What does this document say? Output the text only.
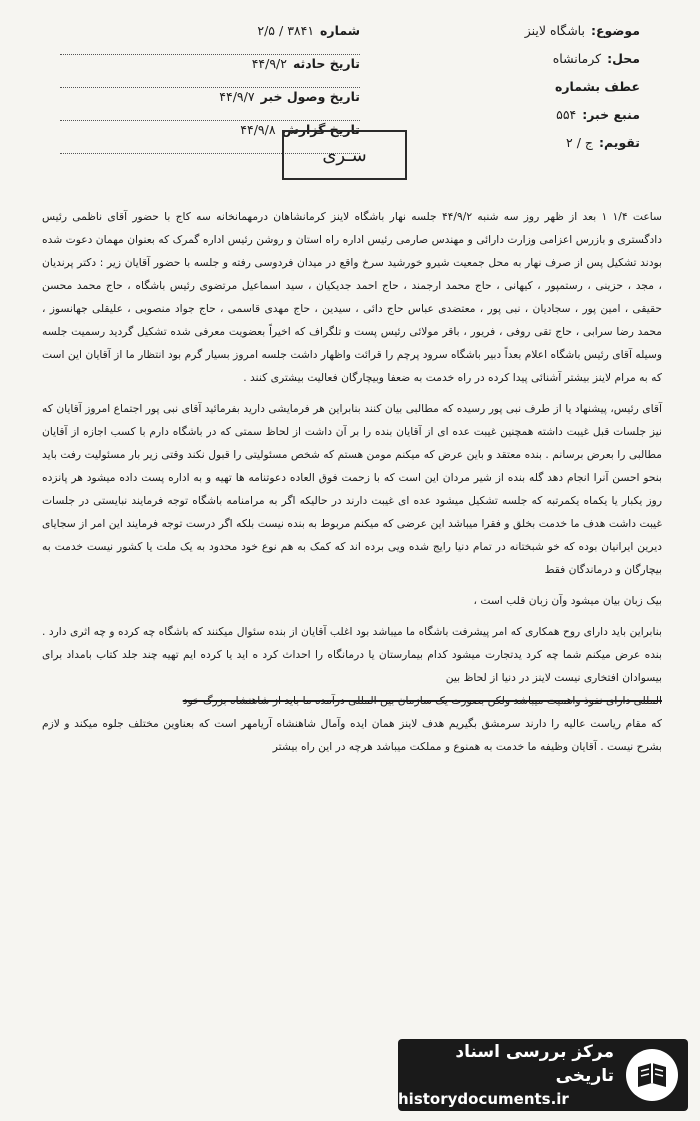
موضوع:باشگاه لاینز
محل:کرمانشاه
عطف بشماره
منبع خبر:۵۵۴
تقویم:ج / ۲
شماره۳۸۴۱ / ۲/۵
تاریخ حادثه۴۴/۹/۲
تاریخ وصول خبر۴۴/۹/۷
تاریخ گزارش۴۴/۹/۸
سـری

ساعت ۱/۴ ۱ بعد از ظهر روز سه شنبه ۴۴/۹/۲ جلسه نهار باشگاه لاینز کرمانشاهان درمهمانخانه سه کاج با حضور آقای ناظمی رئیس دادگستری و بازرس اعزامی وزارت دارائی و مهندس صارمی رئیس اداره راه استان و روشن رئیس اداره گمرک که بعنوان مهمان دعوت شده بودند تشکیل پس از صرف نهار به محل جمعیت شیرو خورشید سرخ واقع در میدان فردوسی رفته و جلسه با حضور آقایان زیر : دکتر پرندیان ، مجد ، حزینی ، رستمپور ، کیهانی ، حاج محمد ارجمند ، حاج احمد جدیکیان ، سید اسماعیل مرتضوی رئیس باشگاه ، حاج محمد محسن حقیقی ، امین پور ، سجادیان ، نبی پور ، معتضدی عباس حاج دائی ، سیدین ، حاج مهدی قاسمی ، حاج جواد منصوبی ، علیقلی جهانسوز ، محمد رضا سرابی ، حاج تقی روفی ، فریور ، باقر مولائی رئیس پست و تلگراف که اخیراً بعضویت معرفی شده تشکیل گردید رسمیت جلسه وسیله آقای رئیس باشگاه اعلام بعداً دبیر باشگاه سرود پرچم را قرائت واظهار داشت جلسه امروز بسیار گرم بود انتظار ما از آقایان این است که به مرام لاینز بیشتر آشنائی پیدا کرده در راه خدمت به ضعفا وبیچارگان فعالیت بیشتری کنند .

آقای رئیس، پیشنهاد یا از طرف نبی پور رسیده که مطالبی بیان کنند بنابراین هر فرمایشی دارید بفرمائید آقای نبی پور اجتماع امروز آقایان که نیز جلسات قبل غیبت داشته همچنین غیبت عده ای از آقایان بنده را بر آن داشت از لحاظ سمتی که در باشگاه دارم با کسب اجازه از آقایان مطالبی را بعرض برسانم . بنده معتقد و باین عرض که میکنم مومن هستم که شخص مسئولیتی را قبول نکند وقتی زیر بار مسئولیت رفت باید بنحو احسن آنرا انجام دهد گله بنده از شیر مردان این است که با زحمت فوق العاده دعوتنامه ها تهیه و به اداره پست داده میشود هر پانزده روز یکبار یا یکماه یکمرتبه که جلسه تشکیل میشود عده ای غیبت دارند در حالیکه اگر به مرامنامه باشگاه توجه فرمایند نبایستی در جلسات غیبت داشت هدف ما خدمت بخلق و فقرا میباشد این عرضی که میکنم مربوط به بنده نیست بلکه اگر درست توجه فرمایند این امر از سجایای دیرین ایرانیان بوده که خو شبختانه در تمام دنیا رایج شده ویی برده اند که کمک به هم نوع خود محدود به یک ملت یا کشور نیست خدمت به بیچارگان و درماندگان فقط

بیک زبان بیان میشود وآن زبان قلب است ،

بنابراین باید دارای روح همکاری که امر پیشرفت باشگاه ما میباشد بود اغلب آقایان از بنده سئوال میکنند که باشگاه چه کرده و چه اثری دارد . بنده عرض میکنم شما چه کرد یدتجارت میشود کدام بیمارستان یا درمانگاه را احداث کرد ه اید یا کرده ایم تهیه چند جلد کتاب بامداد برای بیسوادان افتخاری نیست لاینز در دنیا از لحاظ بین

المللی دارای نفوذ واهمیت میباشد ولکن بصورت یک سازمان بین المللی درآمده ما باید از شاهنشاه بزرگ خود

که مقام ریاست عالیه را دارند سرمشق بگیریم هدف لاینز همان ایده وآمال شاهنشاه آریامهر است که بعناوین مختلف جلوه میکند و لازم بشرح نیست . آقایان وظیفه ما خدمت به همنوع و مملکت میباشد هرچه در این راه بیشتر

مرکز بررسی اسناد تاریخی
historydocuments.ir
